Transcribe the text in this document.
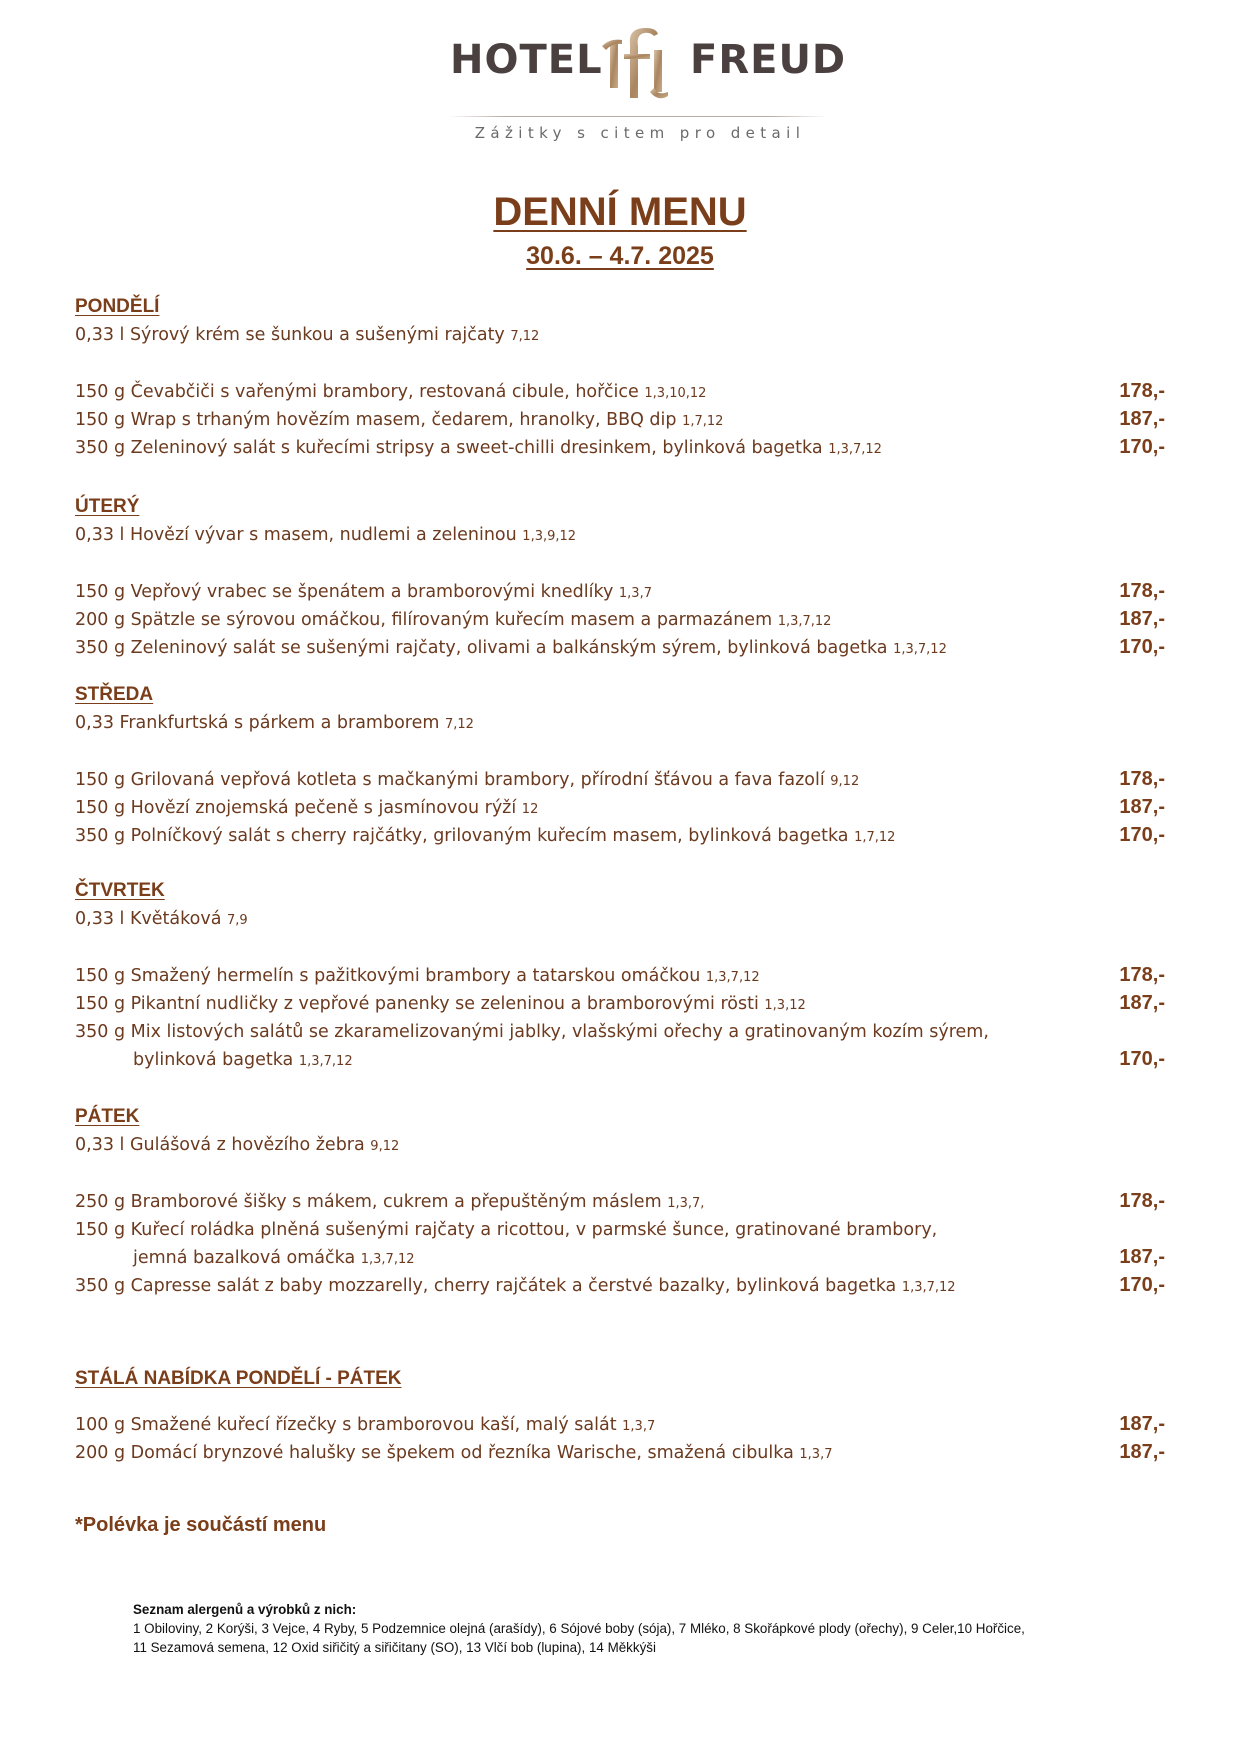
HOTEL FREUD
Zážitky s citem pro detail
DENNÍ MENU
30.6. – 4.7. 2025
PONDĚLÍ
0,33 l Sýrový krém se šunkou a sušenými rajčaty 7,12
150 g Čevabčiči s vařenými brambory, restovaná cibule, hořčice 1,3,10,12	178,-
150 g Wrap s trhaným hovězím masem, čedarem, hranolky, BBQ dip 1,7,12	187,-
350 g Zeleninový salát s kuřecími stripsy a sweet-chilli dresinkem, bylinková bagetka 1,3,7,12	170,-
ÚTERÝ
0,33 l Hovězí vývar s masem, nudlemi a zeleninou 1,3,9,12
150 g Vepřový vrabec se špenátem a bramborovými knedlíky 1,3,7	178,-
200 g Spätzle se sýrovou omáčkou, filírovaným kuřecím masem a parmazánem 1,3,7,12	187,-
350 g Zeleninový salát se sušenými rajčaty, olivami a balkánským sýrem, bylinková bagetka 1,3,7,12	170,-
STŘEDA
0,33 Frankfurtská s párkem a bramborem 7,12
150 g Grilovaná vepřová kotleta s mačkanými brambory, přírodní šťávou a fava fazolí 9,12	178,-
150 g Hovězí znojemská pečeně s jasmínovou rýží 12	187,-
350 g Polníčkový salát s cherry rajčátky, grilovaným kuřecím masem, bylinková bagetka 1,7,12	170,-
ČTVRTEK
0,33 l Květáková 7,9
150 g Smažený hermelín s pažitkovými brambory a tatarskou omáčkou 1,3,7,12	178,-
150 g Pikantní nudličky z vepřové panenky se zeleninou a bramborovými rösti 1,3,12	187,-
350 g Mix listových salátů se zkaramelizovanými jablky, vlašskými ořechy a gratinovaným kozím sýrem,
bylinková bagetka 1,3,7,12	170,-
PÁTEK
0,33 l Gulášová z hovězího žebra 9,12
250 g Bramborové šišky s mákem, cukrem a přepuštěným máslem 1,3,7,	178,-
150 g Kuřecí roládka plněná sušenými rajčaty a ricottou, v parmské šunce, gratinované brambory,
jemná bazalková omáčka 1,3,7,12	187,-
350 g Capresse salát z baby mozzarelly, cherry rajčátek a čerstvé bazalky, bylinková bagetka 1,3,7,12	170,-
STÁLÁ NABÍDKA PONDĚLÍ - PÁTEK
100 g Smažené kuřecí řízečky s bramborovou kaší, malý salát 1,3,7	187,-
200 g Domácí brynzové halušky se špekem od řezníka Warische, smažená cibulka 1,3,7	187,-
*Polévka je součástí menu
Seznam alergenů a výrobků z nich:
1 Obiloviny, 2 Korýši, 3 Vejce, 4 Ryby, 5 Podzemnice olejná (arašídy), 6 Sójové boby (sója), 7 Mléko, 8 Skořápkové plody (ořechy), 9 Celer,10 Hořčice,
11 Sezamová semena, 12 Oxid siřičitý a siřičitany (SO), 13 Vlčí bob (lupina), 14 Měkkýši
